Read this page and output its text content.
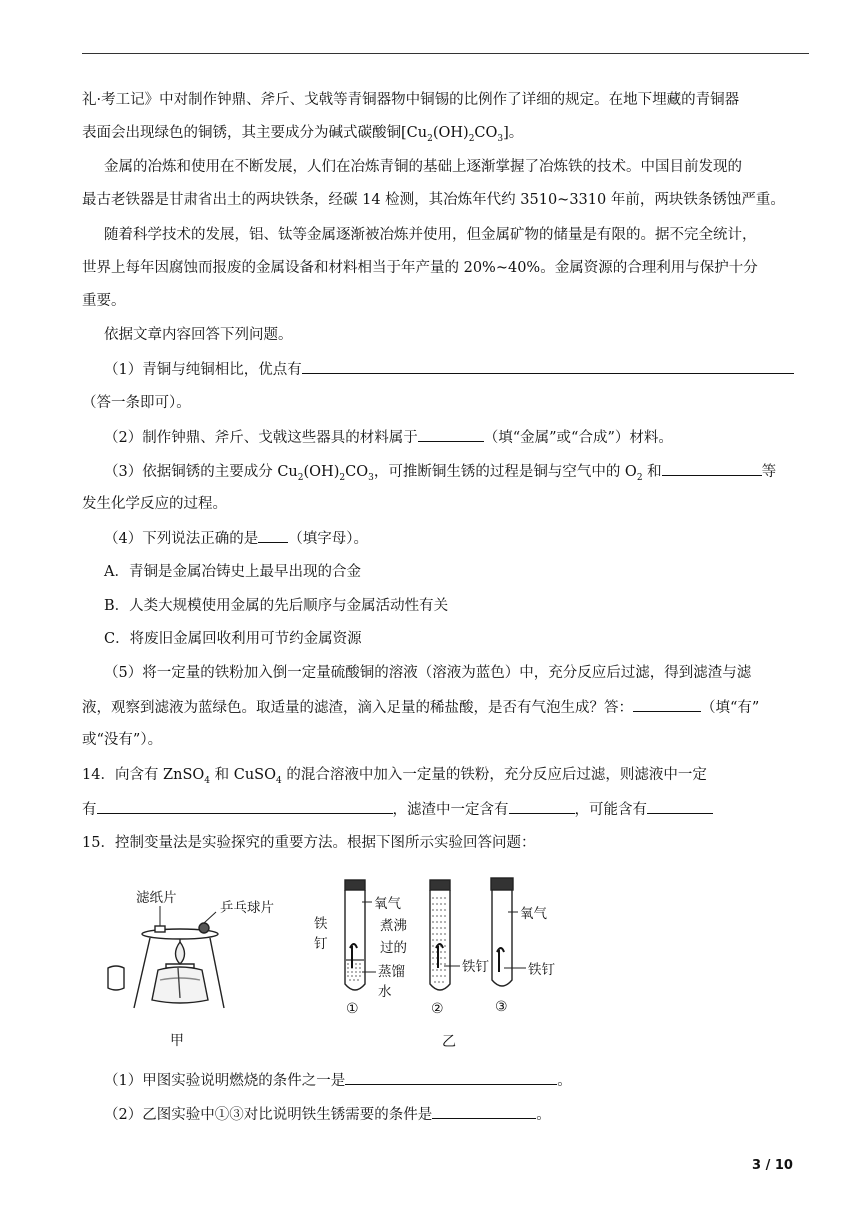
礼·考工记》中对制作钟鼎、斧斤、戈戟等青铜器物中铜锡的比例作了详细的规定。在地下埋藏的青铜器
表面会出现绿色的铜锈，其主要成分为碱式碳酸铜$[Cu_2(OH)_2CO_3]$。
金属的冶炼和使用在不断发展，人们在冶炼青铜的基础上逐渐掌握了冶炼铁的技术。中国目前发现的
最古老铁器是甘肃省出土的两块铁条，经碳 14 检测，其冶炼年代约 3510~3310 年前，两块铁条锈蚀严重。
随着科学技术的发展，铝、钛等金属逐渐被冶炼并使用，但金属矿物的储量是有限的。据不完全统计，
世界上每年因腐蚀而报废的金属设备和材料相当于年产量的 20%~40%。金属资源的合理利用与保护十分
重要。
依据文章内容回答下列问题。
（1）青铜与纯铜相比，优点有
（答一条即可）。
（2）制作钟鼎、斧斤、戈戟这些器具的材料属于	（填“金属”或“合成”）材料。
（3）依据铜锈的主要成分 $Cu_2(OH)_2CO_3$，可推断铜生锈的过程是铜与空气中的 $O_2$ 和	等
发生化学反应的过程。
（4）下列说法正确的是 （填字母）。
A．青铜是金属冶铸史上最早出现的合金
B．人类大规模使用金属的先后顺序与金属活动性有关
C．将废旧金属回收利用可节约金属资源
（5）将一定量的铁粉加入倒一定量硫酸铜的溶液（溶液为蓝色）中，充分反应后过滤，得到滤渣与滤
液，观察到滤液为蓝绿色。取适量的滤渣，滴入足量的稀盐酸，是否有气泡生成？答：	（填“有”
或“没有”）。
14．向含有 ZnSO$_4$ 和 CuSO$_4$ 的混合溶液中加入一定量的铁粉，充分反应后过滤，则滤液中一定
有	，滤渣中一定含有	，可能含有
15．控制变量法是实验探究的重要方法。根据下图所示实验回答问题：
滤纸片
乒乓球片
甲
铁
钉
氧气
煮沸
过的
蒸馏
水
铁钉
氧气
铁钉
①	②	③
乙
（1）甲图实验说明燃烧的条件之一是	。
（2）乙图实验中①③对比说明铁生锈需要的条件是	。
3 / 10
